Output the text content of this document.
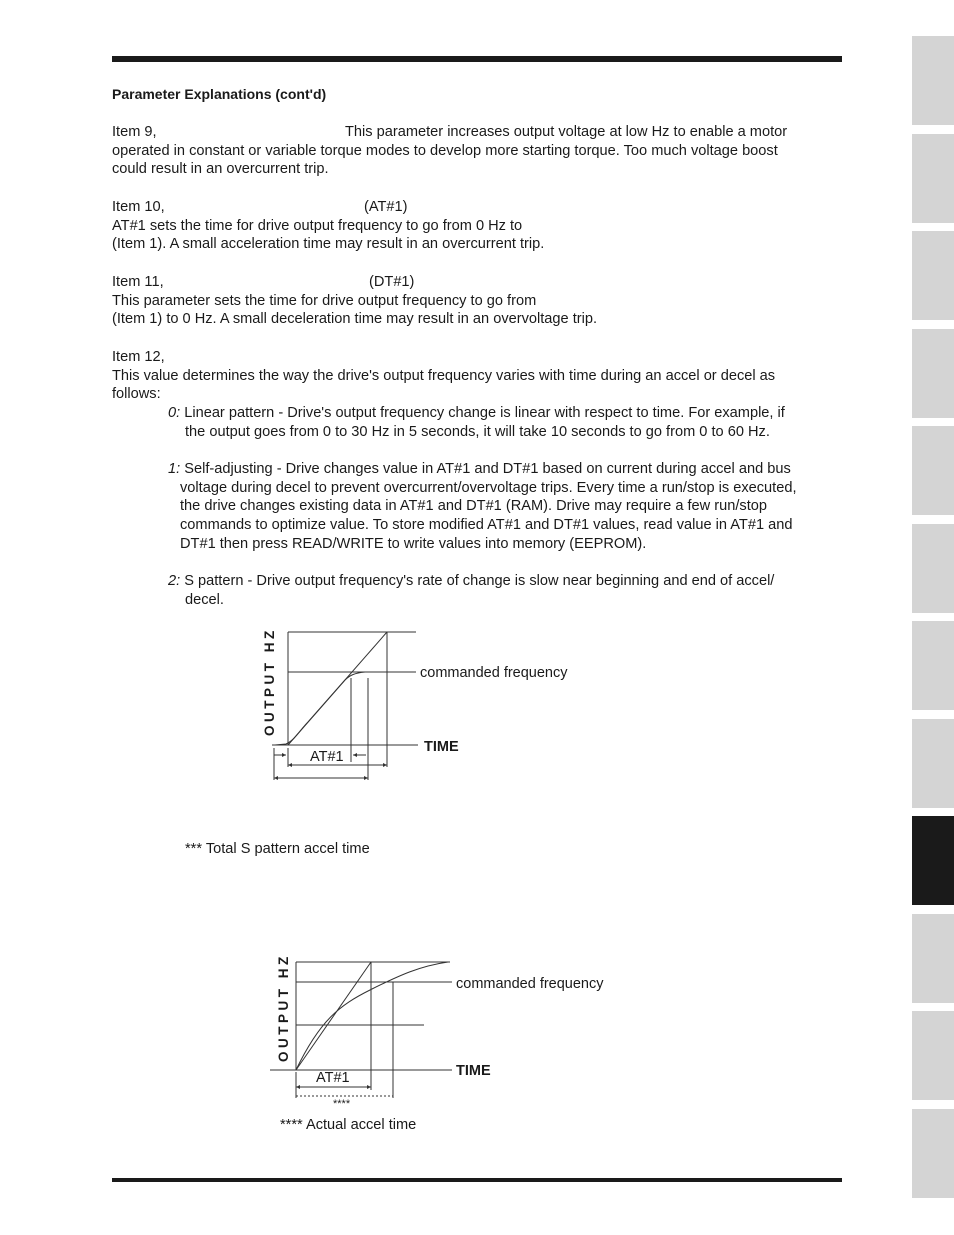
Parameter Explanations (cont'd)
Item 9,	This parameter increases output voltage at low Hz to enable a motor
operated in constant or variable torque modes to develop more starting torque. Too much voltage boost
could result in an overcurrent trip.
Item 10,	(AT#1)
AT#1 sets the time for drive output frequency to go from 0 Hz to
(Item 1). A small acceleration time may result in an overcurrent trip.
Item 11,	(DT#1)
This parameter sets the time for drive output frequency to go from
(Item 1) to 0 Hz. A small deceleration time may result in an overvoltage trip.
Item 12,
This value determines the way the drive's output frequency varies with time during an accel or decel as
follows:
0: Linear pattern - Drive's output frequency change is linear with respect to time. For example, if
the output goes from 0 to 30 Hz in 5 seconds, it will take 10 seconds to go from 0 to 60 Hz.
1: Self-adjusting - Drive changes value in AT#1 and DT#1 based on current during accel and bus
voltage during decel to prevent overcurrent/overvoltage trips. Every time a run/stop is executed,
the drive changes existing data in AT#1 and DT#1 (RAM). Drive may require a few run/stop
commands to optimize value. To store modified AT#1 and DT#1 values, read value in AT#1 and
DT#1 then press READ/WRITE to write values into memory (EEPROM).
2: S pattern - Drive output frequency's rate of change is slow near beginning and end of accel/
decel.
OUTPUT HZ	commanded frequency
TIME
AT#1
OUTPUT HZ	commanded frequency
TIME
AT#1
****
*** Total S pattern accel time
**** Actual accel time
